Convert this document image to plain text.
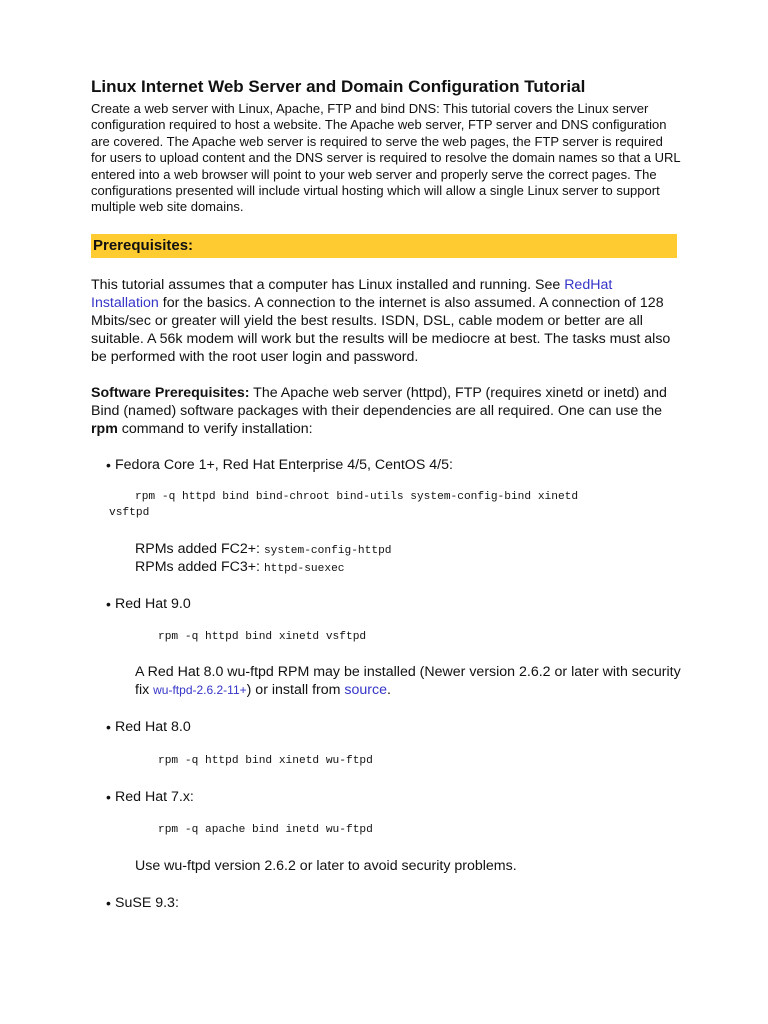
Linux Internet Web Server and Domain Configuration Tutorial

Create a web server with Linux, Apache, FTP and bind DNS: This tutorial covers the Linux server configuration required to host a website. The Apache web server, FTP server and DNS configuration are covered. The Apache web server is required to serve the web pages, the FTP server is required for users to upload content and the DNS server is required to resolve the domain names so that a URL entered into a web browser will point to your web server and properly serve the correct pages. The configurations presented will include virtual hosting which will allow a single Linux server to support multiple web site domains.

Prerequisites:

This tutorial assumes that a computer has Linux installed and running. See RedHat Installation for the basics. A connection to the internet is also assumed. A connection of 128 Mbits/sec or greater will yield the best results. ISDN, DSL, cable modem or better are all suitable. A 56k modem will work but the results will be mediocre at best. The tasks must also be performed with the root user login and password.

Software Prerequisites: The Apache web server (httpd), FTP (requires xinetd or inetd) and Bind (named) software packages with their dependencies are all required. One can use the rpm command to verify installation:

• Fedora Core 1+, Red Hat Enterprise 4/5, CentOS 4/5:
rpm -q httpd bind bind-chroot bind-utils system-config-bind xinetd
vsftpd

RPMs added FC2+: system-config-httpd

RPMs added FC3+: httpd-suexec

• Red Hat 9.0
rpm -q httpd bind xinetd vsftpd

A Red Hat 8.0 wu-ftpd RPM may be installed (Newer version 2.6.2 or later with security fix wu-ftpd-2.6.2-11+) or install from source.

• Red Hat 8.0
rpm -q httpd bind xinetd wu-ftpd
• Red Hat 7.x:
rpm -q apache bind inetd wu-ftpd

Use wu-ftpd version 2.6.2 or later to avoid security problems.

• SuSE 9.3:
